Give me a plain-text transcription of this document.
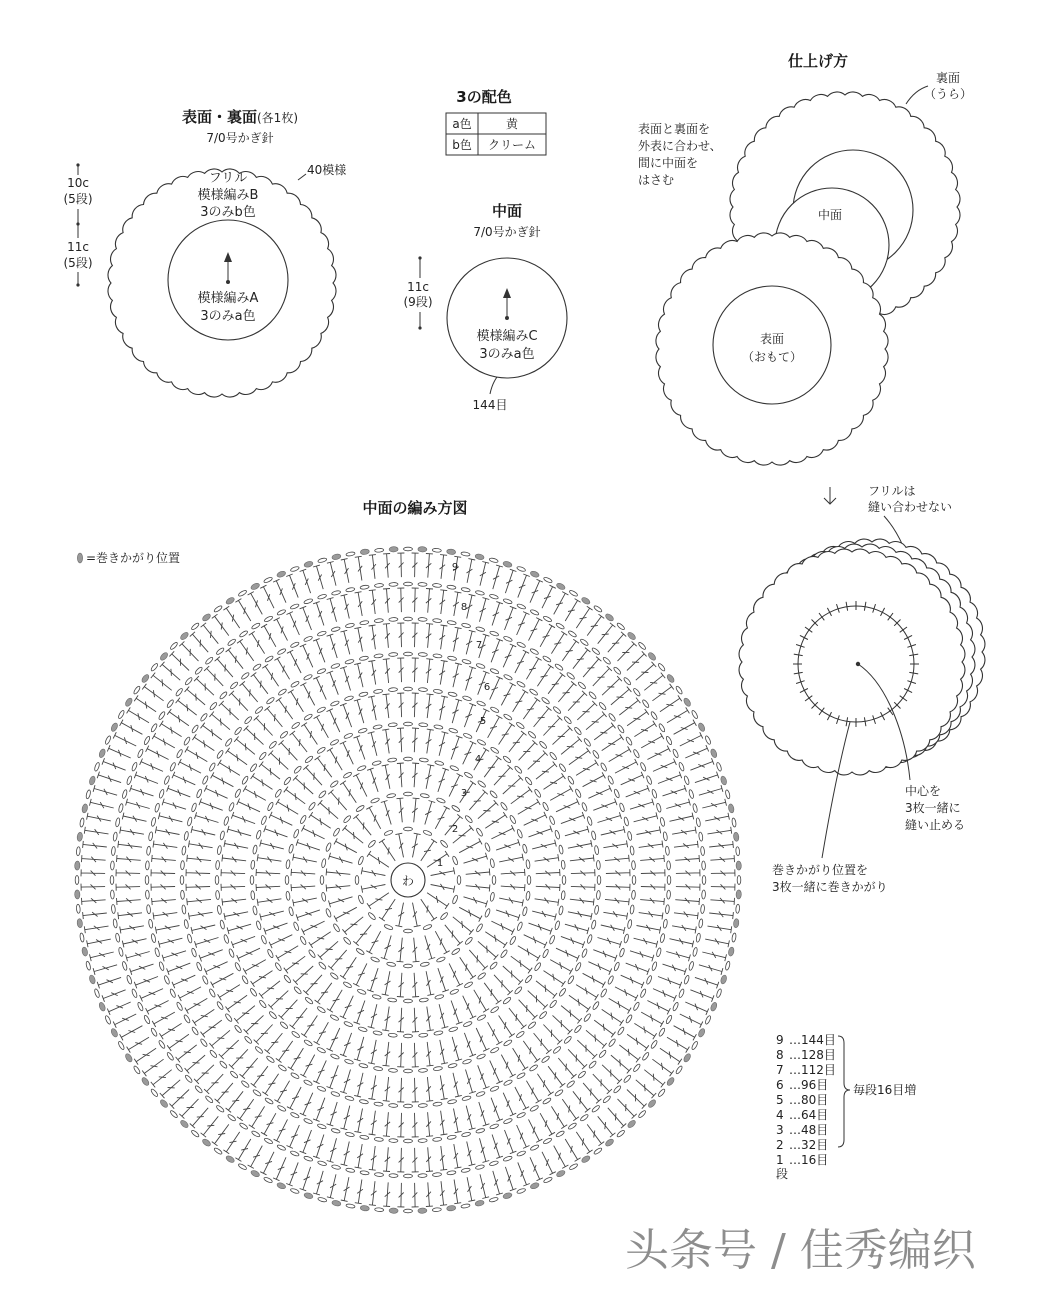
表面・裏面(各1枚)
7/0号かぎ針
フリル
模様編みB
3のみb色
模様編みA
3のみa色
40模様
10c
(5段)
11c
(5段)
3の配色
a色	黄
b色 クリーム
中面
7/0号かぎ針
模様編みC
3のみa色
144目
11c
(9段)
仕上げ方
中面
表面
（おもて）
裏面
（うら）
表面と裏面を
外表に合わせ、
間に中面を
はさむ
フリルは
縫い合わせない
中心を
3枚一緒に
縫い止める
巻きかがり位置を
3枚一緒に巻きかがり
中面の編み方図
=巻きかがり位置
わ
1
2
3
4
5
6
7
8
9
9 …144目
8 …128目
7 …112目
6 …96目
5 …80目
4 …64目
3 …48目
2 …32目
1 …16目
段
毎段16目増
头条号 / 佳秀编织
